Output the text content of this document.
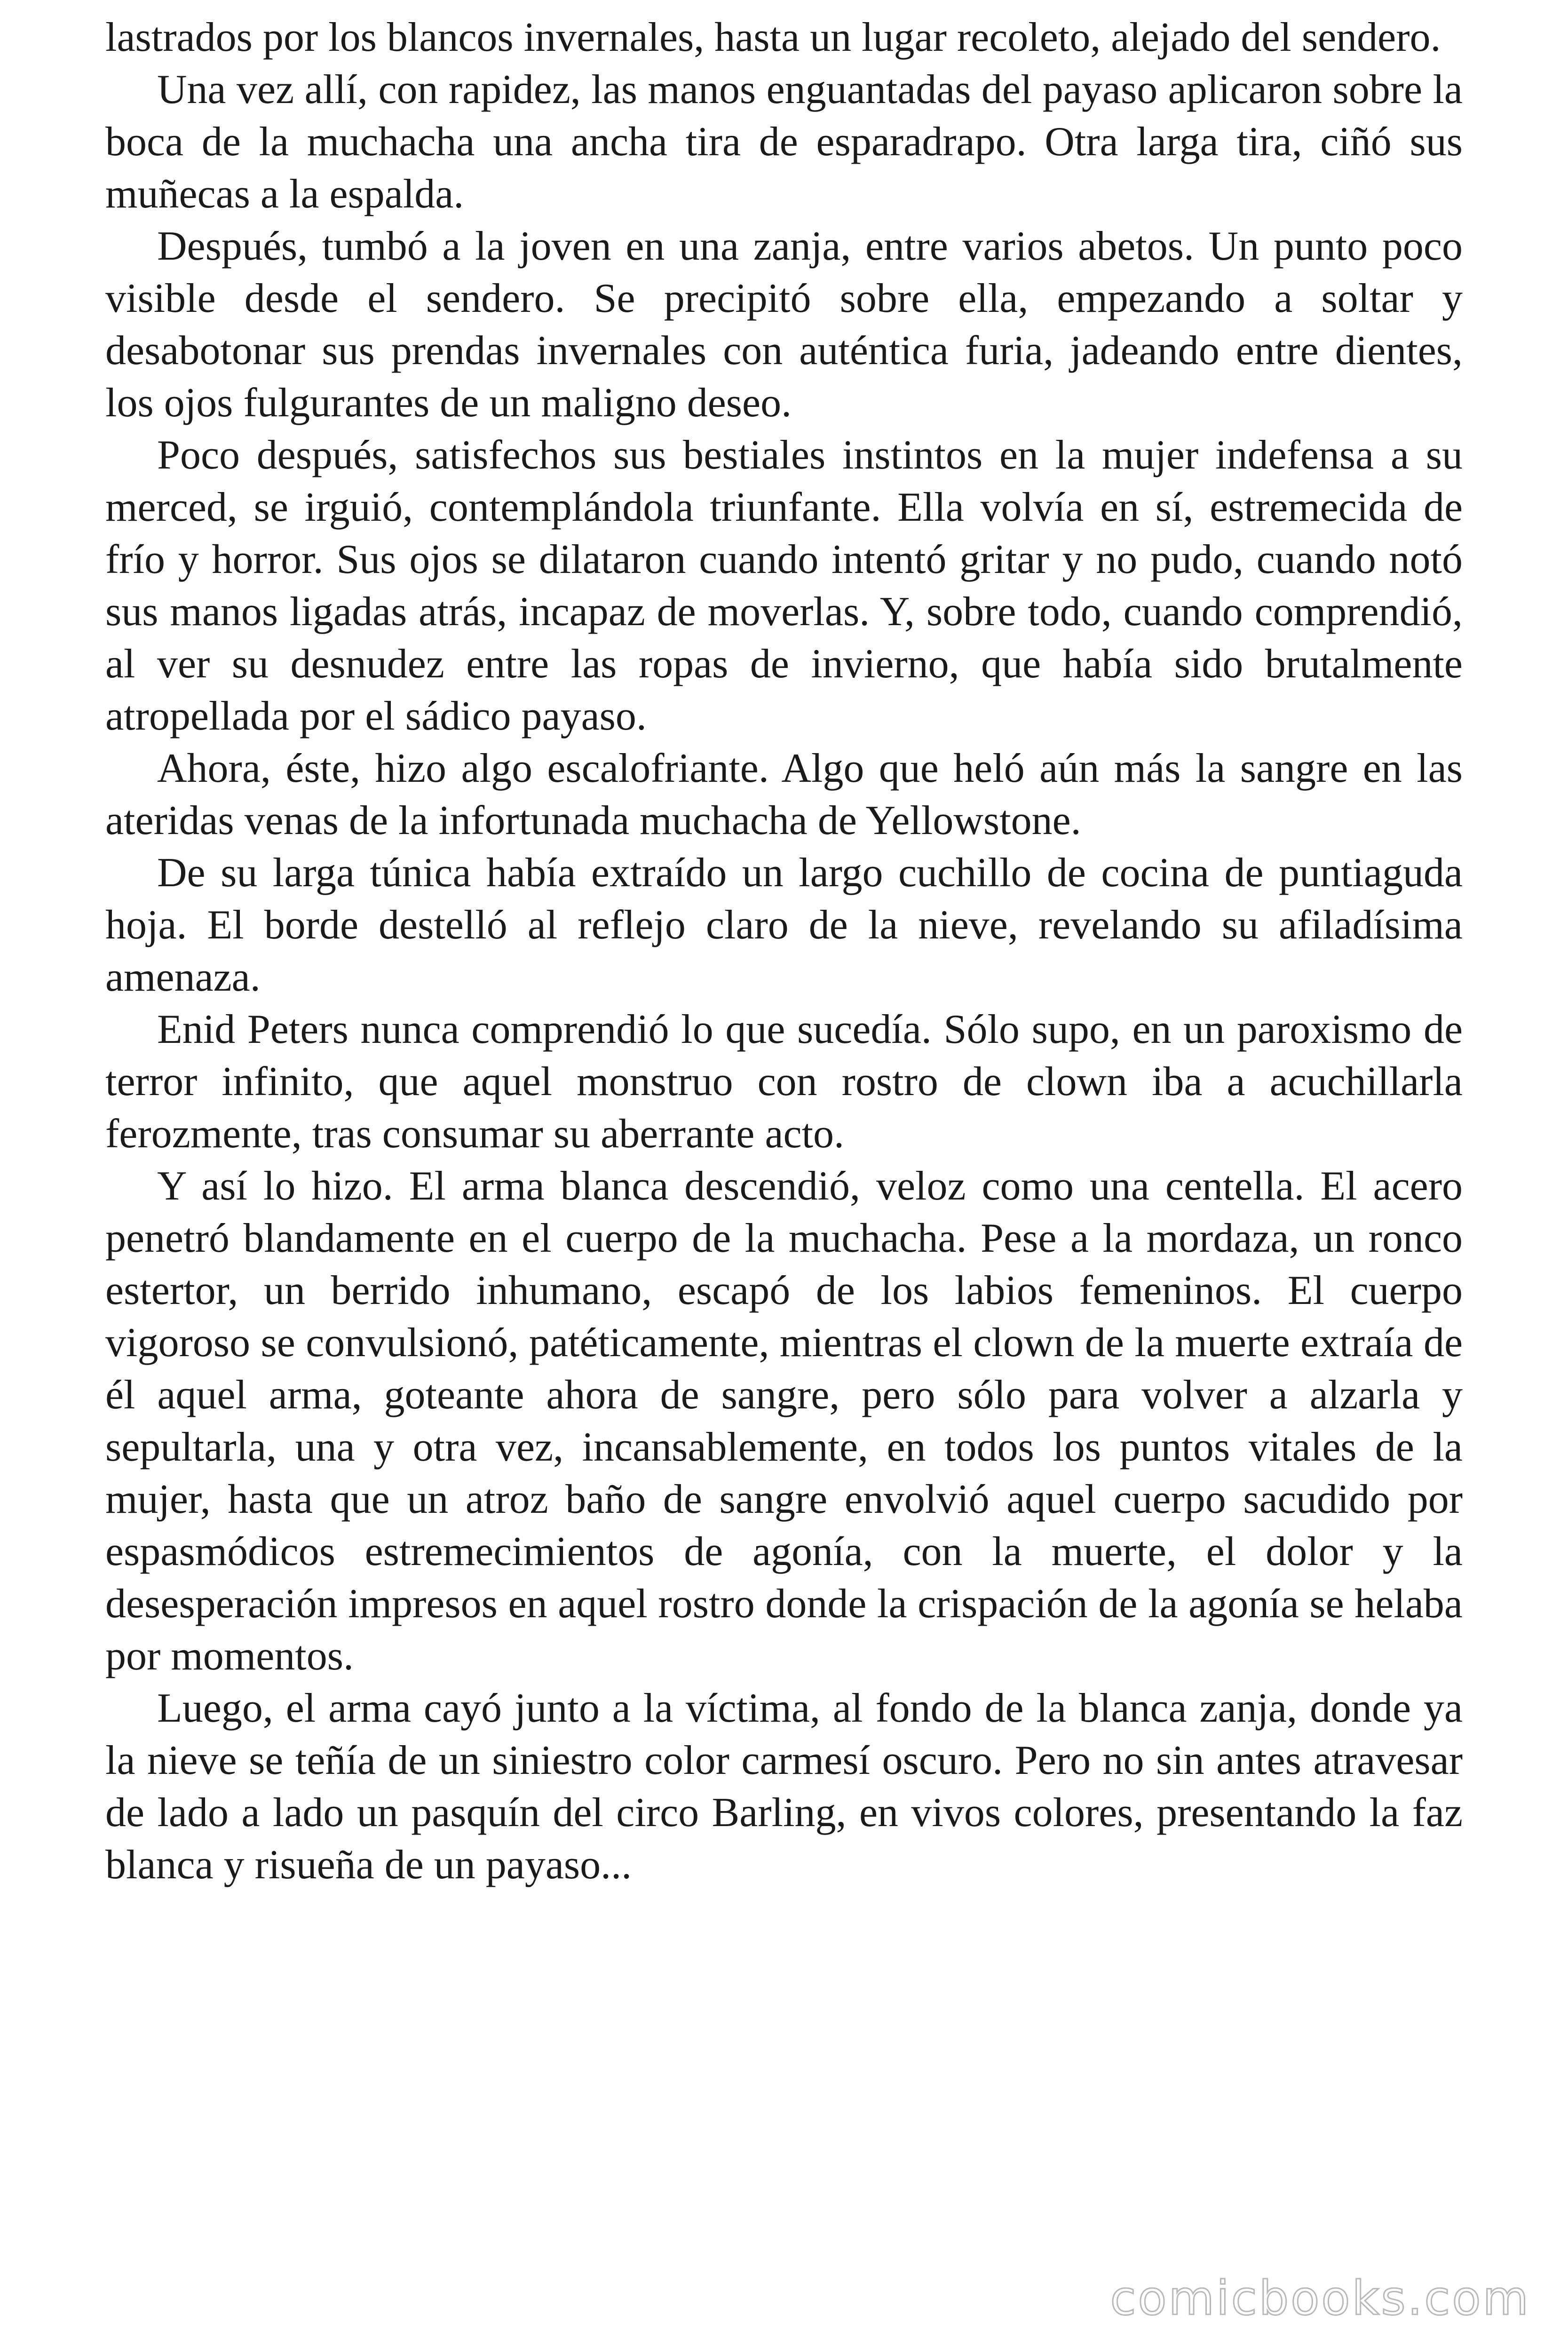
lastrados por los blancos invernales, hasta un lugar recoleto, alejado del sendero.

Una vez allí, con rapidez, las manos enguantadas del payaso aplicaron sobre la boca de la muchacha una ancha tira de esparadrapo. Otra larga tira, ciñó sus muñecas a la espalda.

Después, tumbó a la joven en una zanja, entre varios abetos. Un punto poco visible desde el sendero. Se precipitó sobre ella, empezando a soltar y desabotonar sus prendas invernales con auténtica furia, jadeando entre dientes, los ojos fulgurantes de un maligno deseo.

Poco después, satisfechos sus bestiales instintos en la mujer indefensa a su merced, se irguió, contemplándola triunfante. Ella volvía en sí, estremecida de frío y horror. Sus ojos se dilataron cuando intentó gritar y no pudo, cuando notó sus manos ligadas atrás, incapaz de moverlas. Y, sobre todo, cuando comprendió, al ver su desnudez entre las ropas de invierno, que había sido brutalmente atropellada por el sádico payaso.

Ahora, éste, hizo algo escalofriante. Algo que heló aún más la sangre en las ateridas venas de la infortunada muchacha de Yellowstone.

De su larga túnica había extraído un largo cuchillo de cocina de puntiaguda hoja. El borde destelló al reflejo claro de la nieve, revelando su afiladísima amenaza.

Enid Peters nunca comprendió lo que sucedía. Sólo supo, en un paroxismo de terror infinito, que aquel monstruo con rostro de clown iba a acuchillarla ferozmente, tras consumar su aberrante acto.

Y así lo hizo. El arma blanca descendió, veloz como una centella. El acero penetró blandamente en el cuerpo de la muchacha. Pese a la mordaza, un ronco estertor, un berrido inhumano, escapó de los labios femeninos. El cuerpo vigoroso se convulsionó, patéticamente, mientras el clown de la muerte extraía de él aquel arma, goteante ahora de sangre, pero sólo para volver a alzarla y sepultarla, una y otra vez, incansablemente, en todos los puntos vitales de la mujer, hasta que un atroz baño de sangre envolvió aquel cuerpo sacudido por espasmódicos estremecimientos de agonía, con la muerte, el dolor y la desesperación impresos en aquel rostro donde la crispación de la agonía se helaba por momentos.

Luego, el arma cayó junto a la víctima, al fondo de la blanca zanja, donde ya la nieve se teñía de un siniestro color carmesí oscuro. Pero no sin antes atravesar de lado a lado un pasquín del circo Barling, en vivos colores, presentando la faz blanca y risueña de un payaso...

comicbooks.com
